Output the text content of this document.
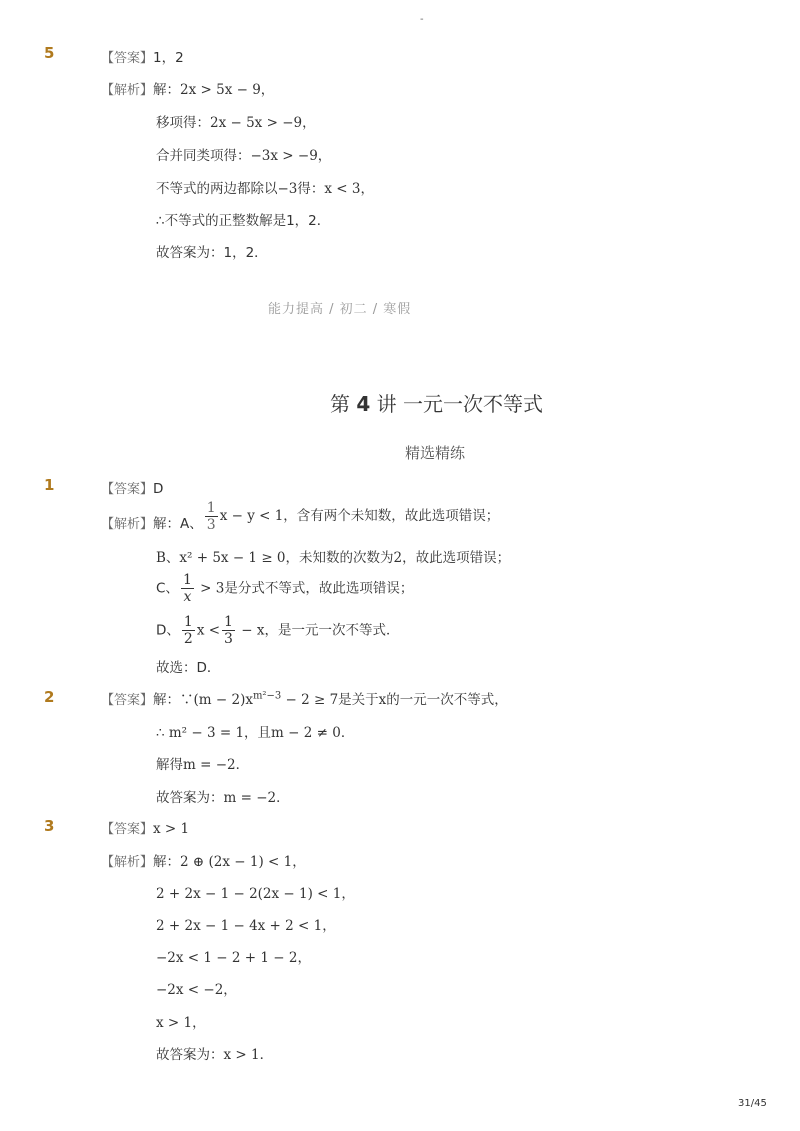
-
5	【答案】1，2
【解析】解：2x > 5x − 9，
移项得：2x − 5x > −9，
合并同类项得：−3x > −9，
不等式的两边都除以−3得：x < 3，
∴不等式的正整数解是1，2．
故答案为：1，2．
能力提高 / 初二 / 寒假
第 4 讲 一元一次不等式
精选精练
1	【答案】D
【解析】解：A、 $\frac{1}{3}$ x − y < 1，含有两个未知数，故此选项错误；
B、x² + 5x − 1 ≥ 0，未知数的次数为2，故此选项错误；
C、 $\frac{1}{x} > 3$是分式不等式，故此选项错误；
D、 $\frac{1}{2}$ $x < \frac{1}{3} - x$，是一元一次不等式．
故选：D．
2	【答案】解：∵(m − $2)x^{m^2-3} - 2 \ge 7$是关于x的一元一次不等式，
∴ m² − 3 = 1，且m − 2 ≠ 0．
解得m = −2．
故答案为：m = −2．
3	【答案】x > 1
【解析】解：2 ⊕ (2x − 1) < 1，
2 + 2x − 1 − 2(2x − 1) < 1，
2 + 2x − 1 − 4x + 2 < 1，
−2x < 1 − 2 + 1 − 2，
−2x < −2，
x > 1，
故答案为：x > 1．
31/45
